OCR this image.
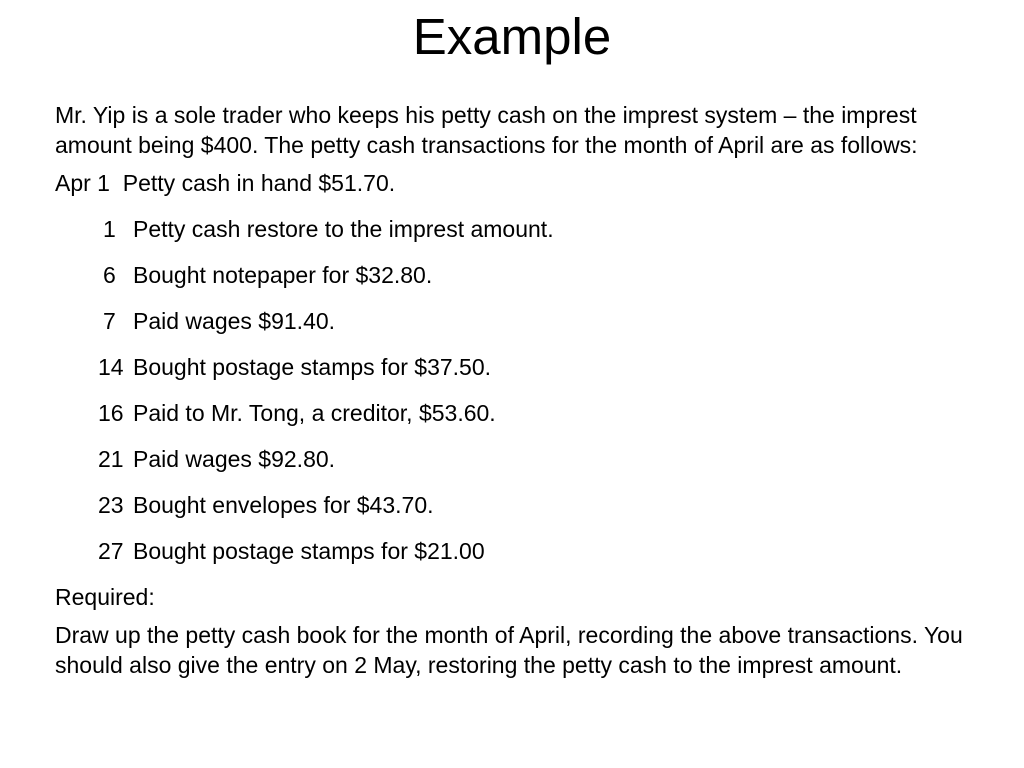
Example

Mr. Yip is a sole trader who keeps his petty cash on the imprest system – the imprest amount being $400. The petty cash transactions for the month of April are as follows:

Apr 1 Petty cash in hand $51.70.
1 Petty cash restore to the imprest amount.
6 Bought notepaper for $32.80.
7 Paid wages $91.40.
14 Bought postage stamps for $37.50.
16 Paid to Mr. Tong, a creditor, $53.60.
21 Paid wages $92.80.
23 Bought envelopes for $43.70.
27 Bought postage stamps for $21.00
Required:

Draw up the petty cash book for the month of April, recording the above transactions. You should also give the entry on 2 May, restoring the petty cash to the imprest amount.
